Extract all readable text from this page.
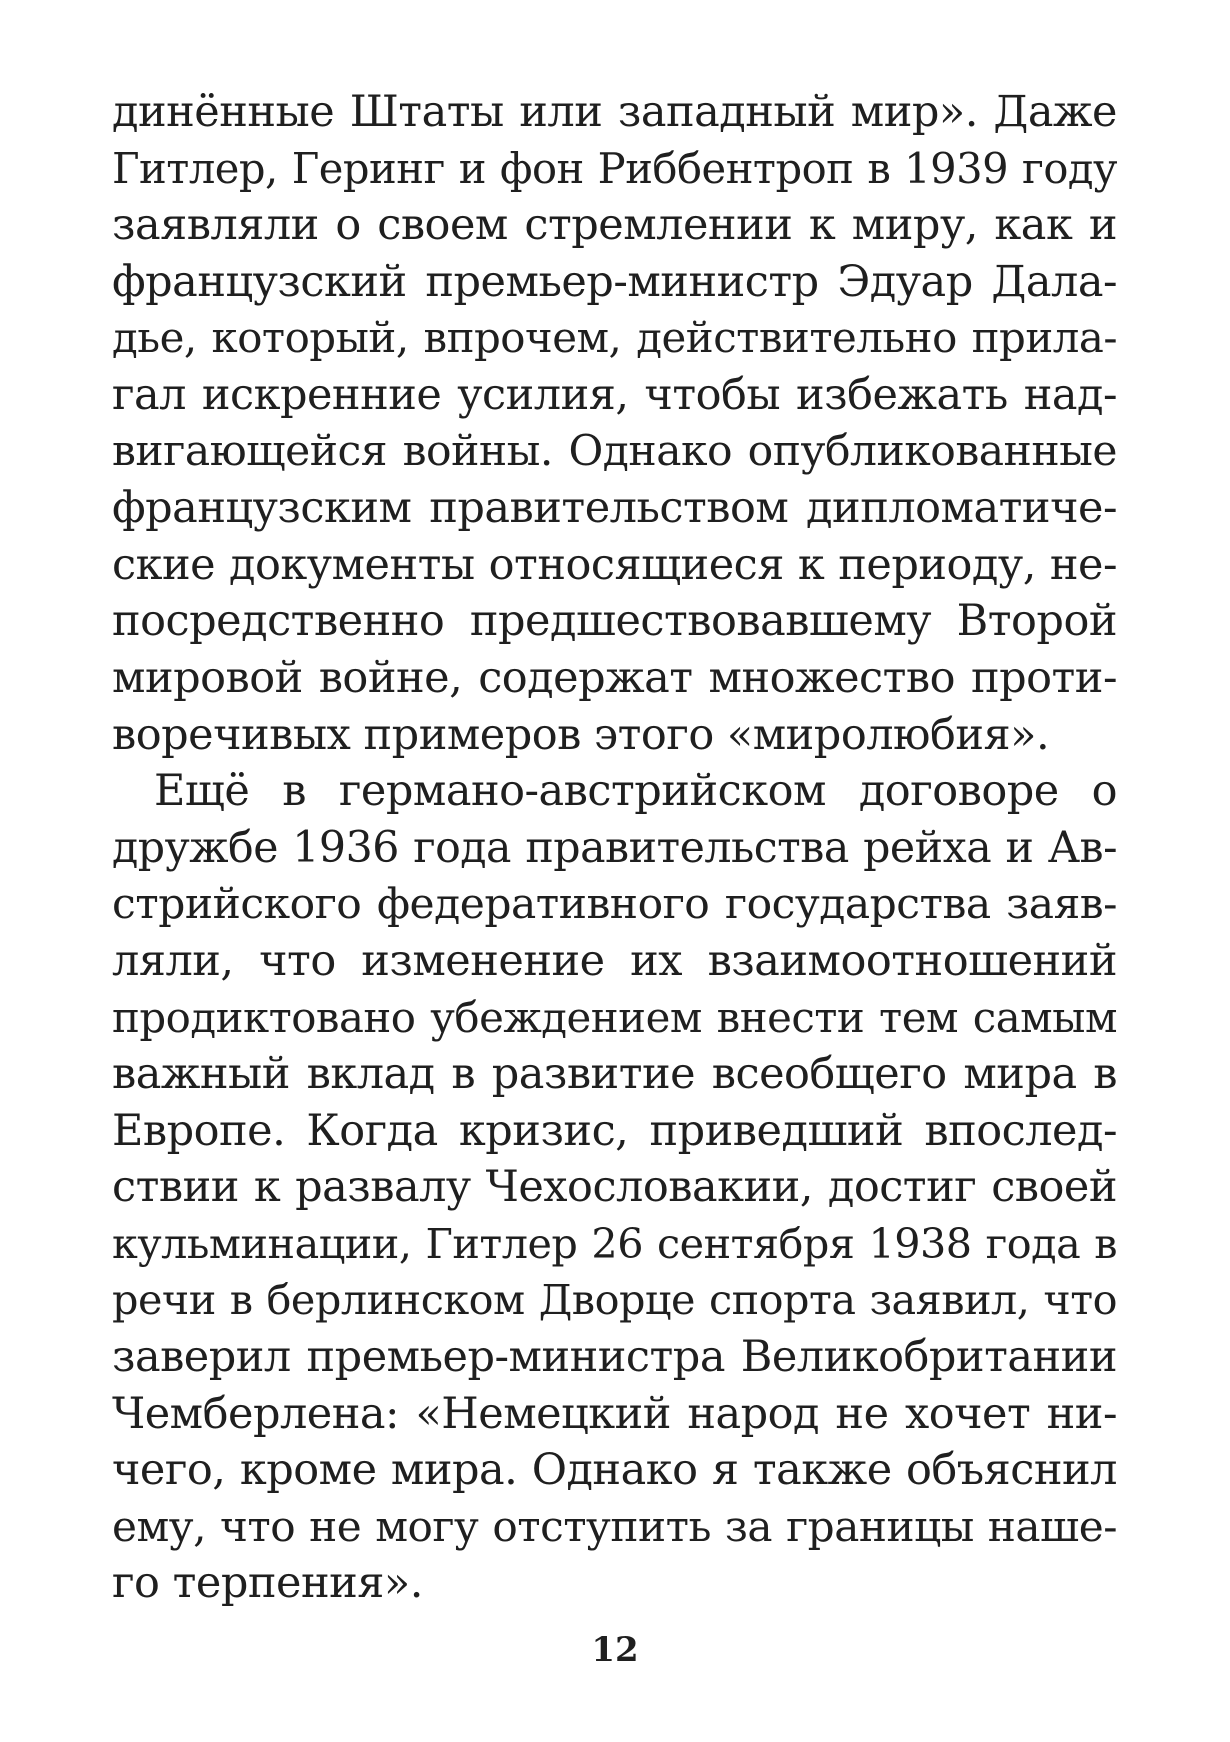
динённые Штаты или западный мир». Даже
Гитлер, Геринг и фон Риббентроп в 1939 году
заявляли о своем стремлении к миру, как и
французский премьер-министр Эдуар Дала-
дье, который, впрочем, действительно прила-
гал искренние усилия, чтобы избежать над-
вигающейся войны. Однако опубликованные
французским правительством дипломатиче-
ские документы относящиеся к периоду, не-
посредственно предшествовавшему Второй
мировой войне, содержат множество проти-
воречивых примеров этого «миролюбия».
Ещё в германо-австрийском договоре о
дружбе 1936 года правительства рейха и Ав-
стрийского федеративного государства заяв-
ляли, что изменение их взаимоотношений
продиктовано убеждением внести тем самым
важный вклад в развитие всеобщего мира в
Европе. Когда кризис, приведший впослед-
ствии к развалу Чехословакии, достиг своей
кульминации, Гитлер 26 сентября 1938 года в
речи в берлинском Дворце спорта заявил, что
заверил премьер-министра Великобритании
Чемберлена: «Немецкий народ не хочет ни-
чего, кроме мира. Однако я также объяснил
ему, что не могу отступить за границы наше-
го терпения».
12
